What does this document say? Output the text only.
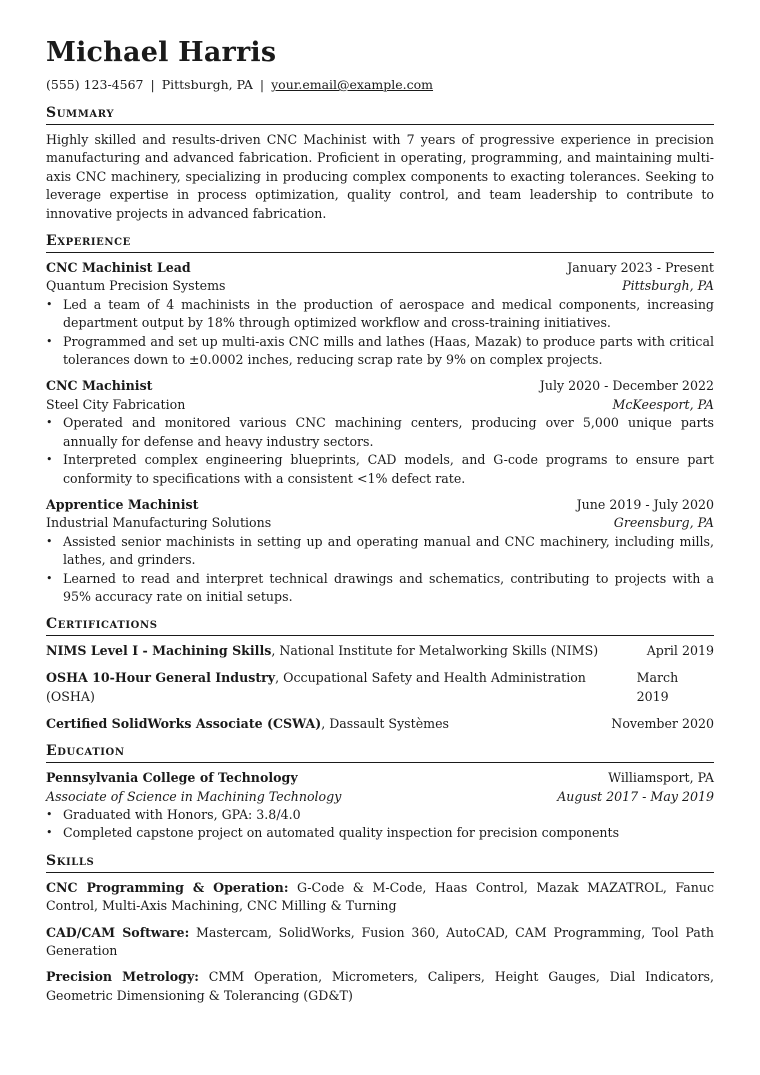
Michael Harris
(555) 123-4567 | Pittsburgh, PA | your.email@example.com
Summary
Highly skilled and results-driven CNC Machinist with 7 years of progressive experience in precision manufacturing and advanced fabrication. Proficient in operating, programming, and maintaining multi-axis CNC machinery, specializing in producing complex components to exacting tolerances. Seeking to leverage expertise in process optimization, quality control, and team leadership to contribute to innovative projects in advanced fabrication.
Experience
CNC Machinist Lead	January 2023 - Present
Quantum Precision Systems	Pittsburgh, PA
• Led a team of 4 machinists in the production of aerospace and medical components, increasing department output by 18% through optimized workflow and cross-training initiatives.
• Programmed and set up multi-axis CNC mills and lathes (Haas, Mazak) to produce parts with critical tolerances down to ±0.0002 inches, reducing scrap rate by 9% on complex projects.
CNC Machinist	July 2020 - December 2022
Steel City Fabrication	McKeesport, PA
• Operated and monitored various CNC machining centers, producing over 5,000 unique parts annually for defense and heavy industry sectors.
• Interpreted complex engineering blueprints, CAD models, and G-code programs to ensure part conformity to specifications with a consistent <1% defect rate.
Apprentice Machinist	June 2019 - July 2020
Industrial Manufacturing Solutions	Greensburg, PA
• Assisted senior machinists in setting up and operating manual and CNC machinery, including mills, lathes, and grinders.
• Learned to read and interpret technical drawings and schematics, contributing to projects with a 95% accuracy rate on initial setups.
Certifications
NIMS Level I - Machining Skills, National Institute for Metalworking Skills (NIMS)	April 2019
OSHA 10-Hour General Industry, Occupational Safety and Health Administration (OSHA)
March 2019
Certified SolidWorks Associate (CSWA), Dassault Systèmes	November 2020
Education
Pennsylvania College of Technology	Williamsport, PA
Associate of Science in Machining Technology	August 2017 - May 2019
• Graduated with Honors, GPA: 3.8/4.0
• Completed capstone project on automated quality inspection for precision components
Skills
CNC Programming & Operation: G-Code & M-Code, Haas Control, Mazak MAZATROL, Fanuc Control, Multi-Axis Machining, CNC Milling & Turning
CAD/CAM Software: Mastercam, SolidWorks, Fusion 360, AutoCAD, CAM Programming, Tool Path Generation
Precision Metrology: CMM Operation, Micrometers, Calipers, Height Gauges, Dial Indicators, Geometric Dimensioning & Tolerancing (GD&T)
